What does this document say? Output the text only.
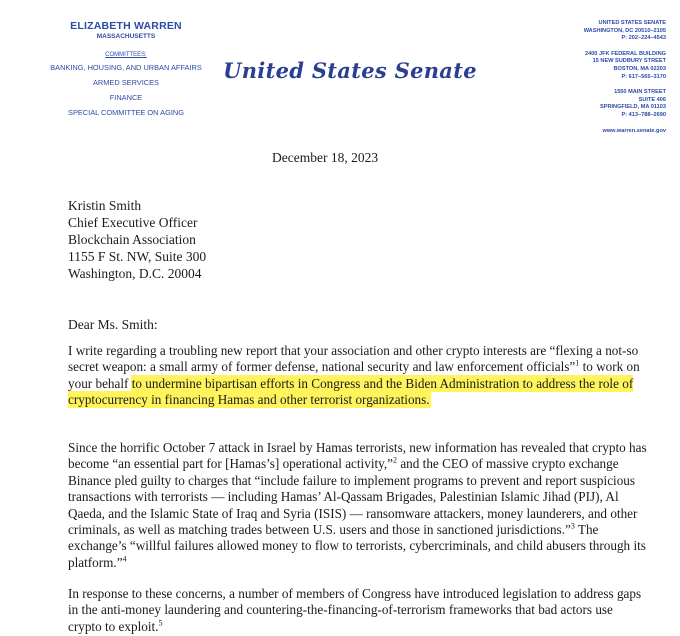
ELIZABETH WARREN
MASSACHUSETTS
COMMITTEES:
BANKING, HOUSING, AND URBAN AFFAIRS
ARMED SERVICES
FINANCE
SPECIAL COMMITTEE ON AGING
United States Senate
UNITED STATES SENATE
WASHINGTON, DC 20510–2105
P: 202–224–4543
2400 JFK FEDERAL BUILDING
15 NEW SUDBURY STREET
BOSTON, MA 02203
P: 617–565–3170
1550 MAIN STREET
SUITE 406
SPRINGFIELD, MA 01103
P: 413–788–2690
www.warren.senate.gov
December 18, 2023
Kristin Smith
Chief Executive Officer
Blockchain Association
1155 F St. NW, Suite 300
Washington, D.C. 20004
Dear Ms. Smith:
I write regarding a troubling new report that your association and other crypto interests are “flexing a not-so secret weapon: a small army of former defense, national security and law enforcement officials”$^1$ to work on your behalf to undermine bipartisan efforts in Congress and the Biden Administration to address the role of cryptocurrency in financing Hamas and other terrorist organizations.
Since the horrific October 7 attack in Israel by Hamas terrorists, new information has revealed that crypto has become “an essential part for [Hamas’s] operational activity,”$^2$ and the CEO of massive crypto exchange Binance pled guilty to charges that “include failure to implement programs to prevent and report suspicious transactions with terrorists — including Hamas’ Al-Qassam Brigades, Palestinian Islamic Jihad (PIJ), Al Qaeda, and the Islamic State of Iraq and Syria (ISIS) — ransomware attackers, money launderers, and other criminals, as well as matching trades between U.S. users and those in sanctioned jurisdictions.”$^3$ The exchange’s “willful failures allowed money to flow to terrorists, cybercriminals, and child abusers through its platform.”$^4$
In response to these concerns, a number of members of Congress have introduced legislation to address gaps in the anti-money laundering and countering-the-financing-of-terrorism frameworks that bad actors use crypto to exploit.$^5$
